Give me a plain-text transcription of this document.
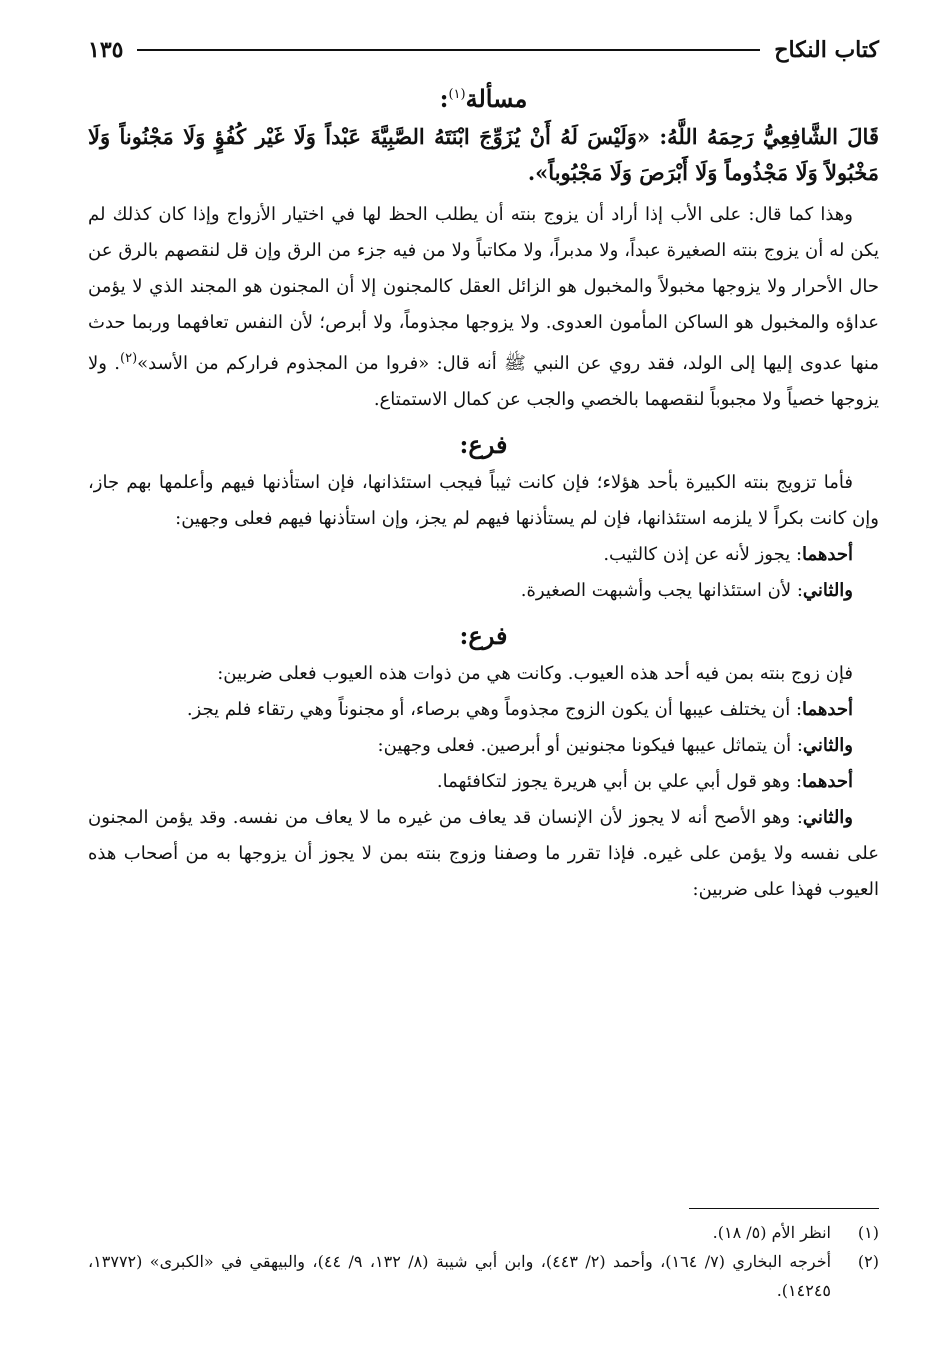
كتاب النكاح
١٣٥
مسألة$^{(١)}$:

قَالَ الشَّافِعِيُّ رَحِمَهُ اللَّهُ: «وَلَيْسَ لَهُ أَنْ يُزَوِّجَ ابْنَتَهُ الصَّبِيَّةَ عَبْداً وَلَا غَيْر كُفُؤٍ وَلَا مَجْنُوناً وَلَا مَخْبُولاً وَلَا مَجْذُوماً وَلَا أَبْرَصَ وَلَا مَجْبُوباً».

وهذا كما قال: على الأب إذا أراد أن يزوج بنته أن يطلب الحظ لها في اختيار الأزواج وإذا كان كذلك لم يكن له أن يزوج بنته الصغيرة عبداً، ولا مدبراً، ولا مكاتباً ولا من فيه جزء من الرق وإن قل لنقصهم بالرق عن حال الأحرار ولا يزوجها مخبولاً والمخبول هو الزائل العقل كالمجنون إلا أن المجنون هو المجند الذي لا يؤمن عداؤه والمخبول هو الساكن المأمون العدوى. ولا يزوجها مجذوماً، ولا أبرص؛ لأن النفس تعافهما وربما حدث منها عدوى إليها إلى الولد، فقد روي عن النبي ﷺ أنه قال: «فروا من المجذوم فراركم من الأسد»$^{(٢)}$. ولا يزوجها خصياً ولا مجبوباً لنقصهما بالخصي والجب عن كمال الاستمتاع.

فرع:

فأما تزويج بنته الكبيرة بأحد هؤلاء؛ فإن كانت ثيباً فيجب استئذانها، فإن استأذنها فيهم وأعلمها بهم جاز، وإن كانت بكراً لا يلزمه استئذانها، فإن لم يستأذنها فيهم لم يجز، وإن استأذنها فيهم فعلى وجهين:

أحدهما: يجوز لأنه عن إذن كالثيب.
والثاني: لأن استئذانها يجب وأشبهت الصغيرة.
فرع:

فإن زوج بنته بمن فيه أحد هذه العيوب. وكانت هي من ذوات هذه العيوب فعلى ضربين:

أحدهما: أن يختلف عيبها أن يكون الزوج مجذوماً وهي برصاء، أو مجنوناً وهي رتقاء فلم يجز.

والثاني: أن يتماثل عيبها فيكونا مجنونين أو أبرصين. فعلى وجهين:
أحدهما: وهو قول أبي علي بن أبي هريرة يجوز لتكافئهما.

والثاني: وهو الأصح أنه لا يجوز لأن الإنسان قد يعاف من غيره ما لا يعاف من نفسه. وقد يؤمن المجنون على نفسه ولا يؤمن على غيره. فإذا تقرر ما وصفنا وزوج بنته بمن لا يجوز أن يزوجها به من أصحاب هذه العيوب فهذا على ضربين:

(١)
انظر الأم (٥/ ١٨).
(٢)
أخرجه البخاري (٧/ ١٦٤)، وأحمد (٢/ ٤٤٣)، وابن أبي شيبة (٨/ ١٣٢، ٩/ ٤٤)، والبيهقي في «الكبرى» (١٣٧٧٢، ١٤٢٤٥).
